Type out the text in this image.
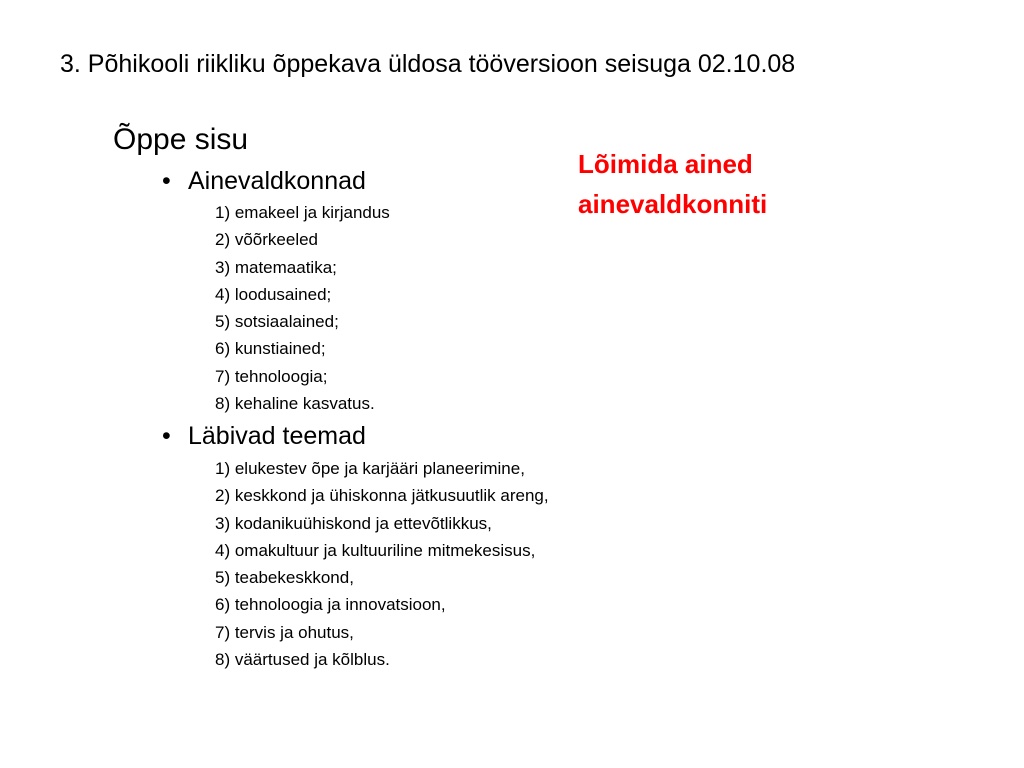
3. Põhikooli riikliku õppekava üldosa tööversioon seisuga 02.10.08
Õppe sisu
• Ainevaldkonnad
1) emakeel ja kirjandus
2) võõrkeeled
3) matemaatika;
4) loodusained;
5) sotsiaalained;
6) kunstiained;
7) tehnoloogia;
8) kehaline kasvatus.
• Läbivad teemad
1) elukestev õpe ja karjääri planeerimine,
2) keskkond ja ühiskonna jätkusuutlik areng,
3) kodanikuühiskond ja ettevõtlikkus,
4) omakultuur ja kultuuriline mitmekesisus,
5) teabekeskkond,
6) tehnoloogia ja innovatsioon,
7) tervis ja ohutus,
8) väärtused ja kõlblus.
Lõimida ained
ainevaldkonniti
